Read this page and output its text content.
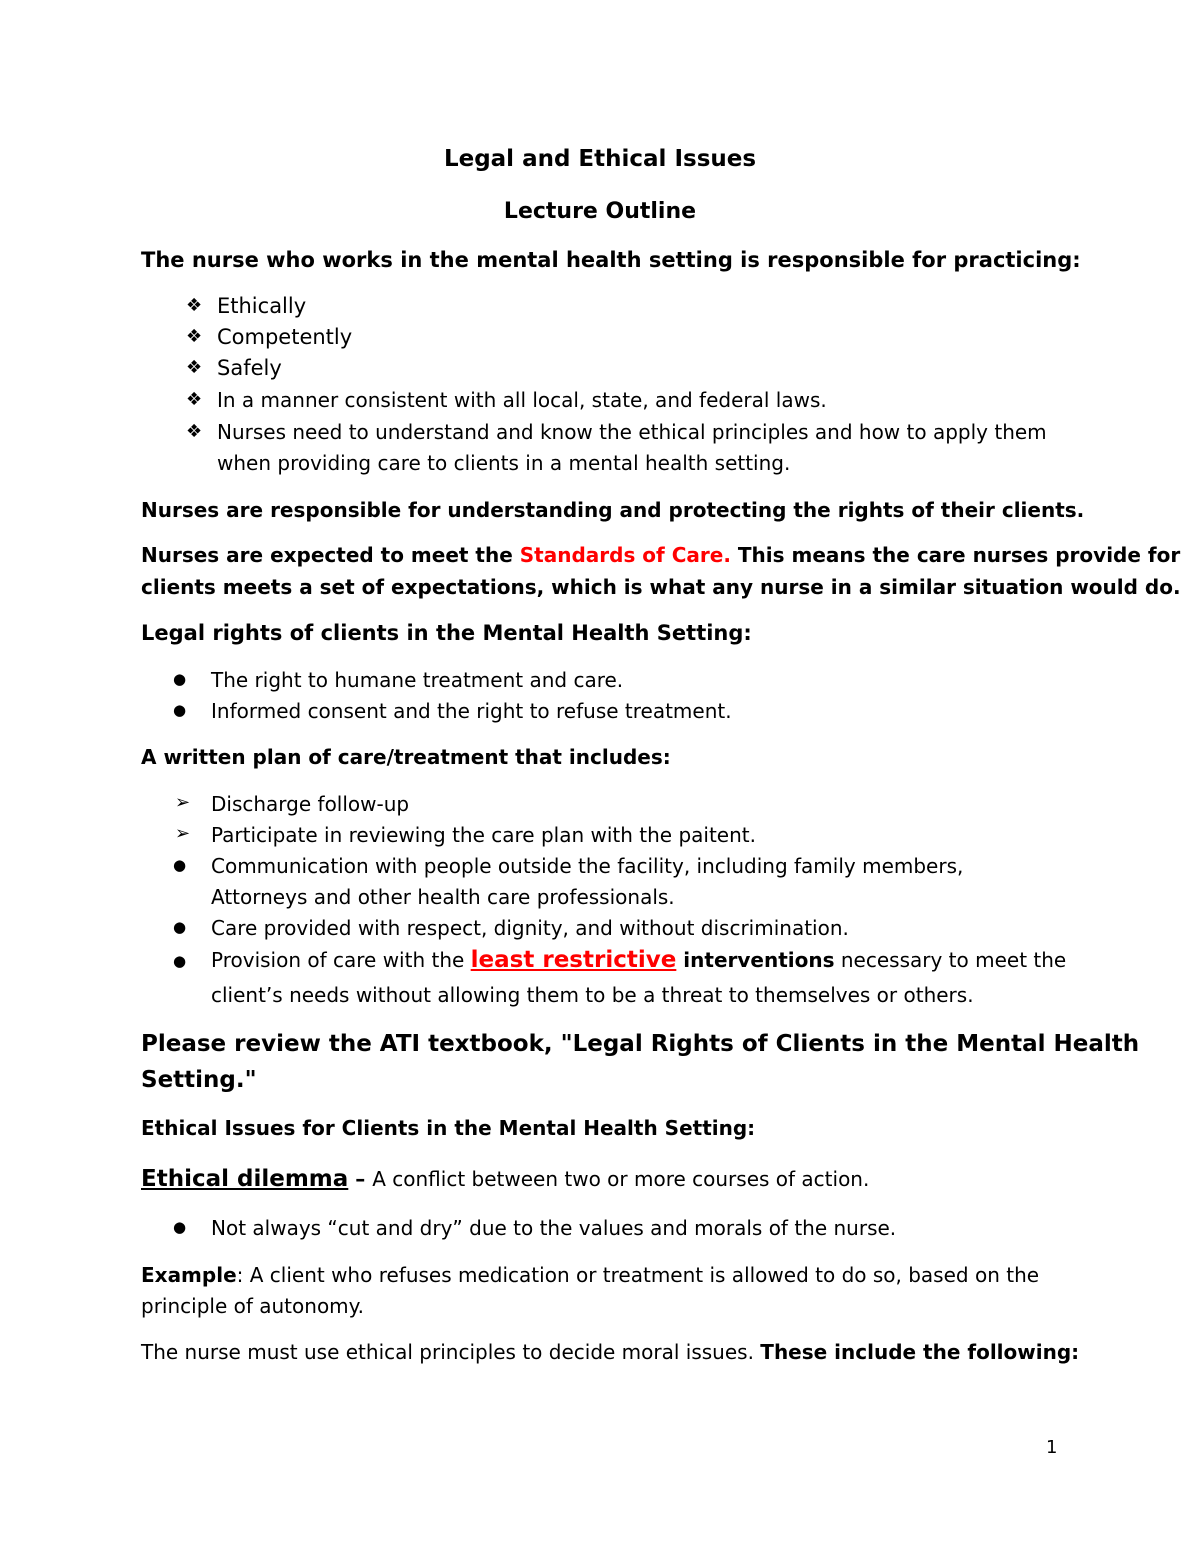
Legal and Ethical Issues
Lecture Outline
The nurse who works in the mental health setting is responsible for practicing:
❖ Ethically
❖ Competently
❖ Safely
❖ In a manner consistent with all local, state, and federal laws.
❖ Nurses need to understand and know the ethical principles and how to apply them
when providing care to clients in a mental health setting.
Nurses are responsible for understanding and protecting the rights of their clients.
Nurses are expected to meet the Standards of Care. This means the care nurses provide for
clients meets a set of expectations, which is what any nurse in a similar situation would do.
Legal rights of clients in the Mental Health Setting:
● The right to humane treatment and care.
● Informed consent and the right to refuse treatment.
A written plan of care/treatment that includes:
➢ Discharge follow-up
➢ Participate in reviewing the care plan with the paitent.
● Communication with people outside the facility, including family members,
Attorneys and other health care professionals.
● Care provided with respect, dignity, and without discrimination.
● Provision of care with the least restrictive interventions necessary to meet the
client’s needs without allowing them to be a threat to themselves or others.
Please review the ATI textbook, "Legal Rights of Clients in the Mental Health
Setting."
Ethical Issues for Clients in the Mental Health Setting:
Ethical dilemma – A conflict between two or more courses of action.
● Not always “cut and dry” due to the values and morals of the nurse.
Example: A client who refuses medication or treatment is allowed to do so, based on the
principle of autonomy.
The nurse must use ethical principles to decide moral issues. These include the following:
1
